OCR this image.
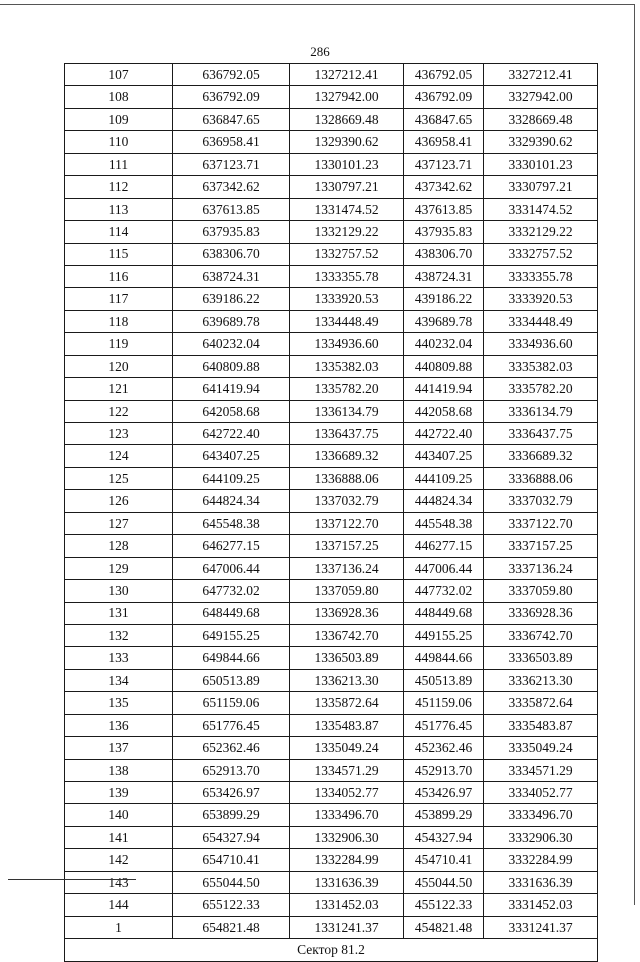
286
107	636792.05	1327212.41	436792.05	3327212.41
108	636792.09	1327942.00	436792.09	3327942.00
109	636847.65	1328669.48	436847.65	3328669.48
110	636958.41	1329390.62	436958.41	3329390.62
111	637123.71	1330101.23	437123.71	3330101.23
112	637342.62	1330797.21	437342.62	3330797.21
113	637613.85	1331474.52	437613.85	3331474.52
114	637935.83	1332129.22	437935.83	3332129.22
115	638306.70	1332757.52	438306.70	3332757.52
116	638724.31	1333355.78	438724.31	3333355.78
117	639186.22	1333920.53	439186.22	3333920.53
118	639689.78	1334448.49	439689.78	3334448.49
119	640232.04	1334936.60	440232.04	3334936.60
120	640809.88	1335382.03	440809.88	3335382.03
121	641419.94	1335782.20	441419.94	3335782.20
122	642058.68	1336134.79	442058.68	3336134.79
123	642722.40	1336437.75	442722.40	3336437.75
124	643407.25	1336689.32	443407.25	3336689.32
125	644109.25	1336888.06	444109.25	3336888.06
126	644824.34	1337032.79	444824.34	3337032.79
127	645548.38	1337122.70	445548.38	3337122.70
128	646277.15	1337157.25	446277.15	3337157.25
129	647006.44	1337136.24	447006.44	3337136.24
130	647732.02	1337059.80	447732.02	3337059.80
131	648449.68	1336928.36	448449.68	3336928.36
132	649155.25	1336742.70	449155.25	3336742.70
133	649844.66	1336503.89	449844.66	3336503.89
134	650513.89	1336213.30	450513.89	3336213.30
135	651159.06	1335872.64	451159.06	3335872.64
136	651776.45	1335483.87	451776.45	3335483.87
137	652362.46	1335049.24	452362.46	3335049.24
138	652913.70	1334571.29	452913.70	3334571.29
139	653426.97	1334052.77	453426.97	3334052.77
140	653899.29	1333496.70	453899.29	3333496.70
141	654327.94	1332906.30	454327.94	3332906.30
142	654710.41	1332284.99	454710.41	3332284.99
143	655044.50	1331636.39	455044.50	3331636.39
144	655122.33	1331452.03	455122.33	3331452.03
1	654821.48	1331241.37	454821.48	3331241.37
Сектор 81.2				
